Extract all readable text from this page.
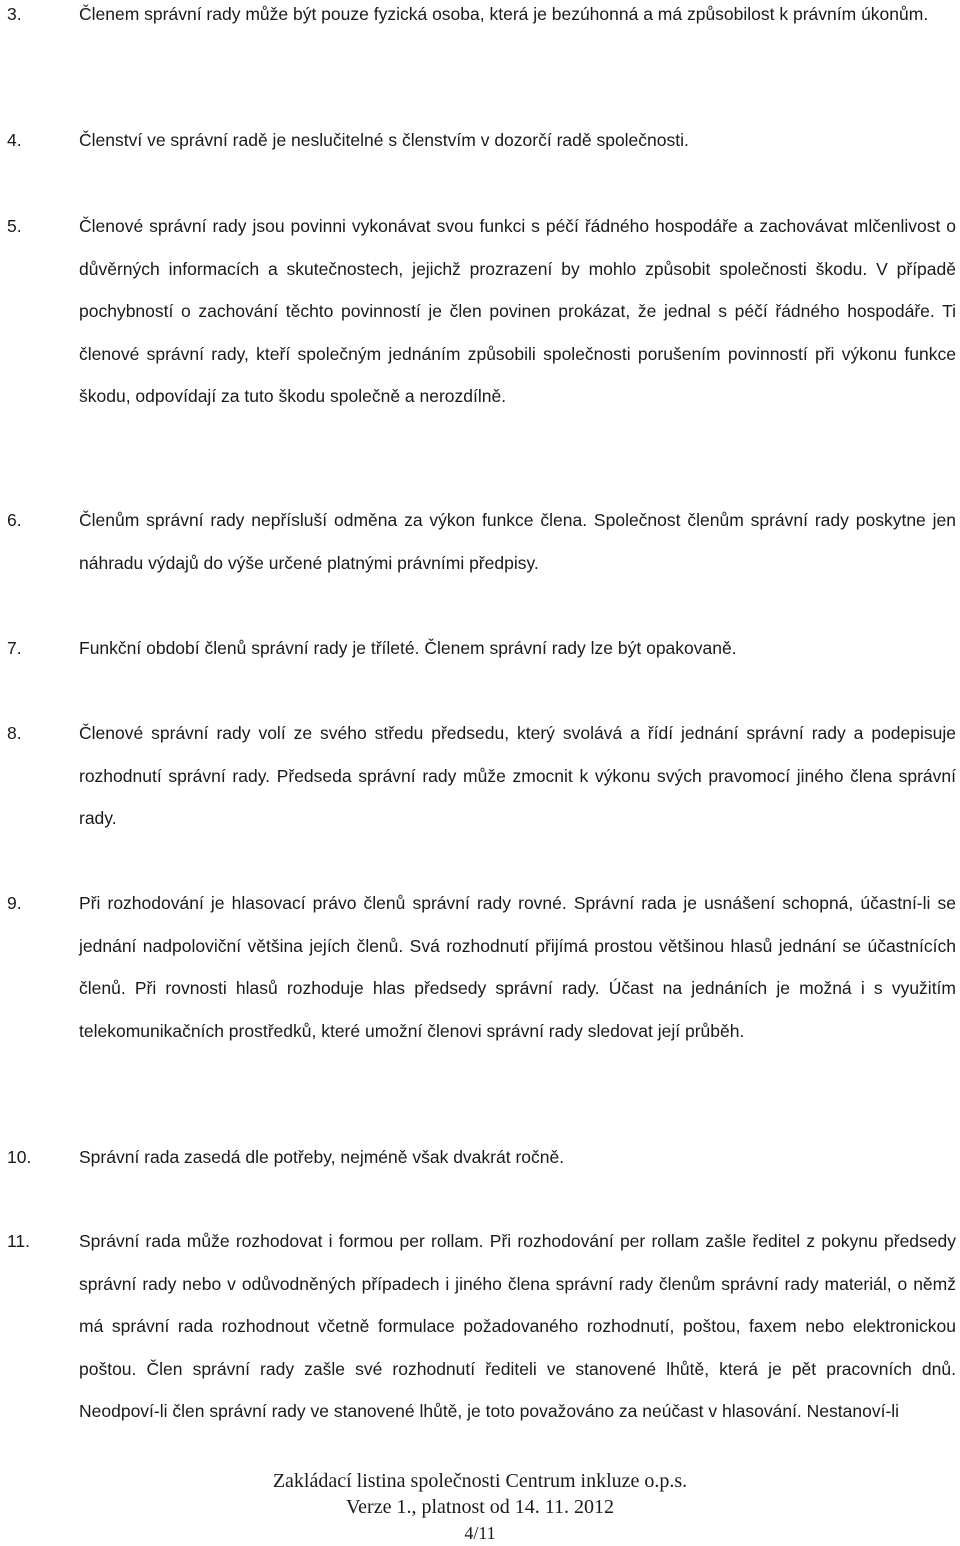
3.	Členem správní rady může být pouze fyzická osoba, která je bezúhonná a má způsobilost k právním úkonům.
4.	Členství ve správní radě je neslučitelné s členstvím v dozorčí radě společnosti.
5.	Členové správní rady jsou povinni vykonávat svou funkci s péčí řádného hospodáře a zachovávat mlčenlivost o důvěrných informacích a skutečnostech, jejichž prozrazení by mohlo způsobit společnosti škodu. V případě pochybností o zachování těchto povinností je člen povinen prokázat, že jednal s péčí řádného hospodáře. Ti členové správní rady, kteří společným jednáním způsobili společnosti porušením povinností při výkonu funkce škodu, odpovídají za tuto škodu společně a nerozdílně.
6.	Členům správní rady nepřísluší odměna za výkon funkce člena. Společnost členům správní rady poskytne jen náhradu výdajů do výše určené platnými právními předpisy.
7.	Funkční období členů správní rady je tříleté. Členem správní rady lze být opakovaně.
8.	Členové správní rady volí ze svého středu předsedu, který svolává a řídí jednání správní rady a podepisuje rozhodnutí správní rady. Předseda správní rady může zmocnit k výkonu svých pravomocí jiného člena správní rady.
9.	Při rozhodování je hlasovací právo členů správní rady rovné. Správní rada je usnášení schopná, účastní-li se jednání nadpoloviční většina jejích členů. Svá rozhodnutí přijímá prostou většinou hlasů jednání se účastnících členů. Při rovnosti hlasů rozhoduje hlas předsedy správní rady. Účast na jednáních je možná i s využitím telekomunikačních prostředků, které umožní členovi správní rady sledovat její průběh.
10.	Správní rada zasedá dle potřeby, nejméně však dvakrát ročně.
11.	Správní rada může rozhodovat i formou per rollam. Při rozhodování per rollam zašle ředitel z pokynu předsedy správní rady nebo v odůvodněných případech i jiného člena správní rady členům správní rady materiál, o němž má správní rada rozhodnout včetně formulace požadovaného rozhodnutí, poštou, faxem nebo elektronickou poštou. Člen správní rady zašle své rozhodnutí řediteli ve stanovené lhůtě, která je pět pracovních dnů. Neodpoví-li člen správní rady ve stanovené lhůtě, je toto považováno za neúčast v hlasování. Nestanoví-li
Zakládací listina společnosti Centrum inkluze o.p.s.
Verze 1., platnost od 14. 11. 2012
4/11
